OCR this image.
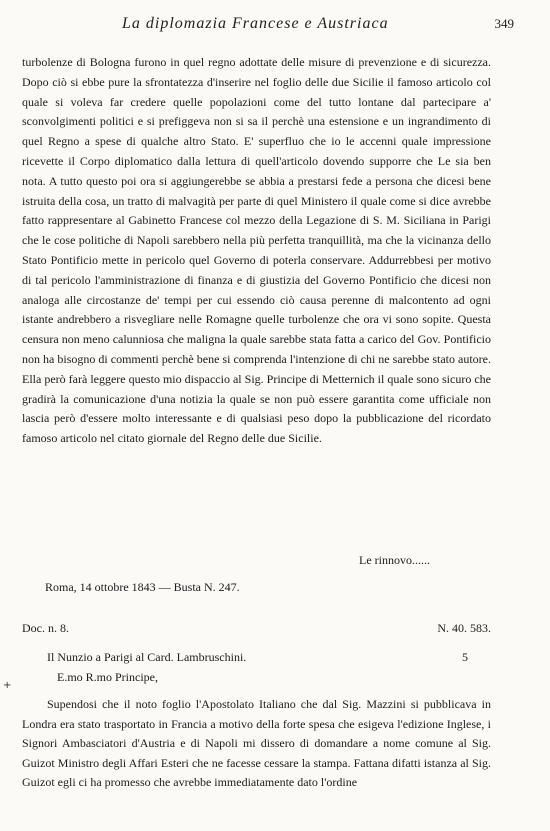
La diplomazia Francese e Austriaca	349

turbolenze di Bologna furono in quel regno adottate delle misure di prevenzione e di sicurezza. Dopo ciò si ebbe pure la sfrontatezza d'inserire nel foglio delle due Sicilie il famoso articolo col quale si voleva far credere quelle popolazioni come del tutto lontane dal partecipare a' sconvolgimenti politici e si prefiggeva non si sa il perchè una estensione e un ingrandimento di quel Regno a spese di qualche altro Stato. E' superfluo che io le accenni quale impressione ricevette il Corpo diplomatico dalla lettura di quell'articolo dovendo supporre che Le sia ben nota. A tutto questo poi ora si aggiungerebbe se abbia a prestarsi fede a persona che dicesi bene istruita della cosa, un tratto di malvagità per parte di quel Ministero il quale come si dice avrebbe fatto rappresentare al Gabinetto Francese col mezzo della Legazione di S. M. Siciliana in Parigi che le cose politiche di Napoli sarebbero nella più perfetta tranquillità, ma che la vicinanza dello Stato Pontificio mette in pericolo quel Governo di poterla conservare. Addurrebbesi per motivo di tal pericolo l'amministrazione di finanza e di giustizia del Governo Pontificio che dicesi non analoga alle circostanze de' tempi per cui essendo ciò causa perenne di malcontento ad ogni istante andrebbero a risvegliare nelle Romagne quelle turbolenze che ora vi sono sopite. Questa censura non meno calunniosa che maligna la quale sarebbe stata fatta a carico del Gov. Pontificio non ha bisogno di commenti perchè bene si comprenda l'intenzione di chi ne sarebbe stato autore. Ella però farà leggere questo mio dispaccio al Sig. Principe di Metternich il quale sono sicuro che gradirà la comunicazione d'una notizia la quale se non può essere garantita come ufficiale non lascia però d'essere molto interessante e di qualsiasi peso dopo la pubblicazione del ricordato famoso articolo nel citato giornale del Regno delle due Sicilie.

Le rinnovo......
Roma, 14 ottobre 1843 — Busta N. 247.
Doc. n. 8.	N. 40. 583.
Il Nunzio a Parigi al Card. Lambruschini.	5
+
E.mo R.mo Principe,

Supendosi che il noto foglio l'Apostolato Italiano che dal Sig. Mazzini si pubblicava in Londra era stato trasportato in Francia a motivo della forte spesa che esigeva l'edizione Inglese, i Signori Ambasciatori d'Austria e di Napoli mi dissero di domandare a nome comune al Sig. Guizot Ministro degli Affari Esteri che ne facesse cessare la stampa. Fattana difatti istanza al Sig. Guizot egli ci ha promesso che avrebbe immediatamente dato l'ordine
